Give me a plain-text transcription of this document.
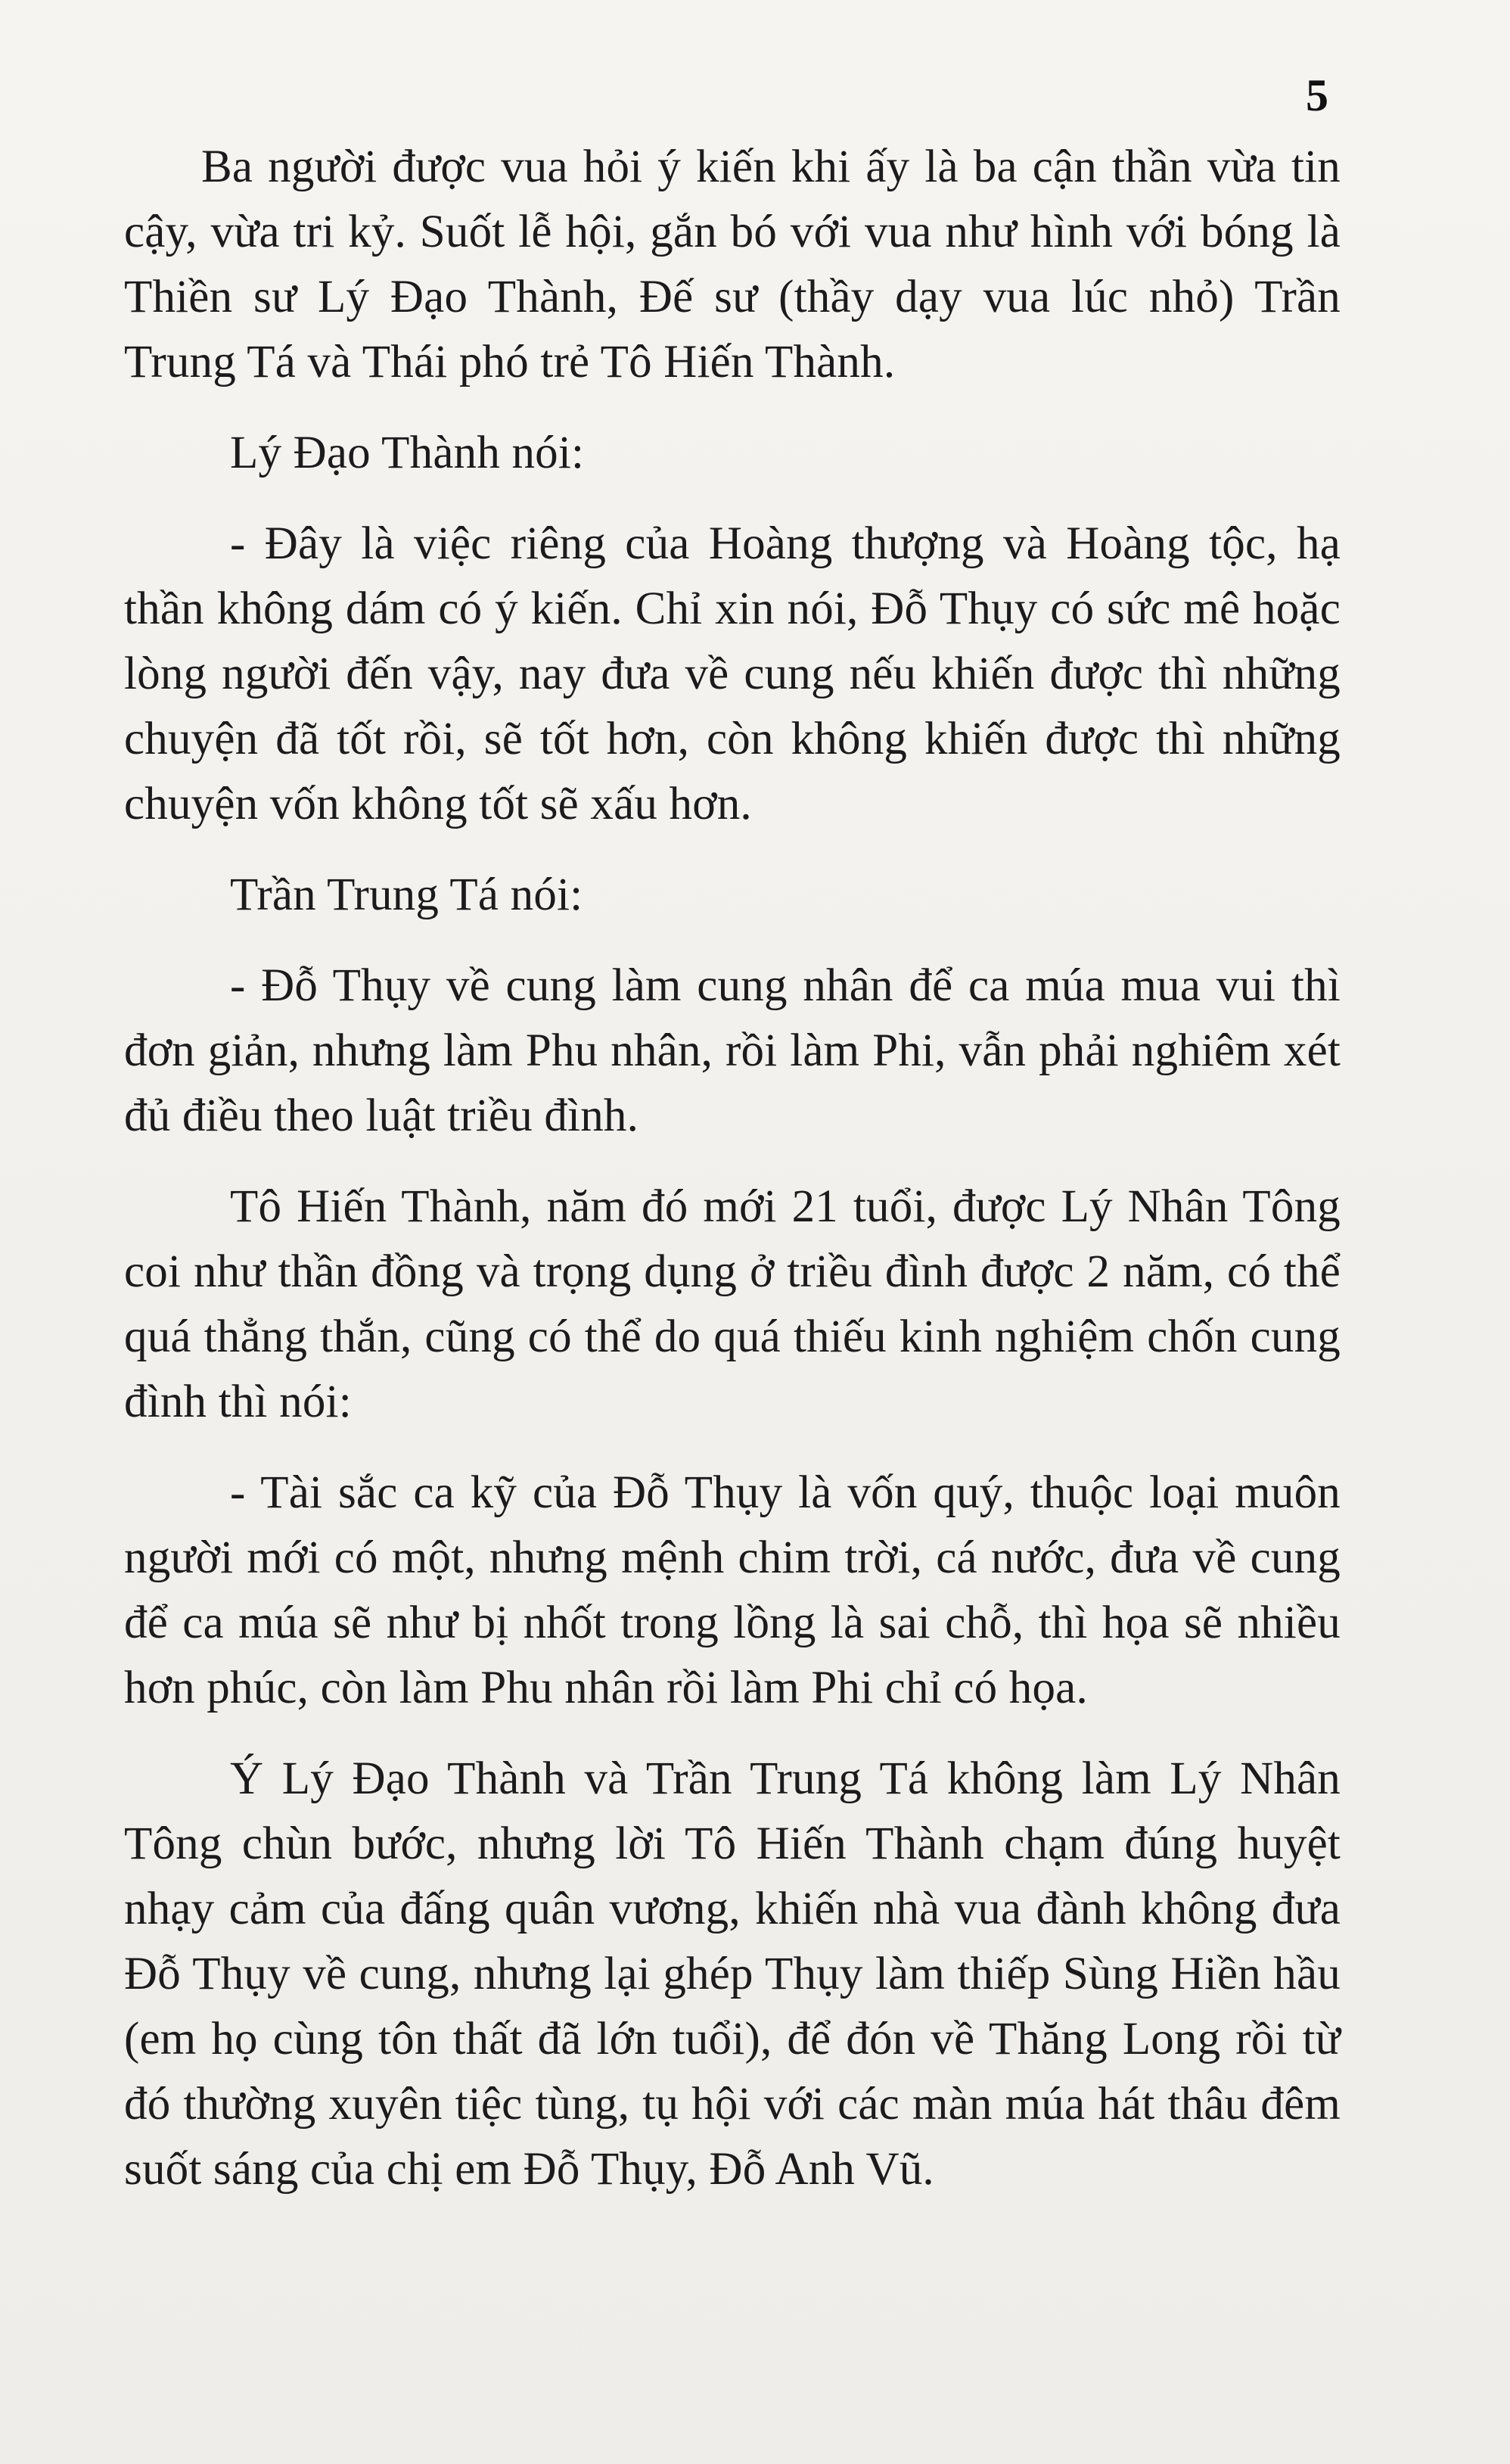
5

Ba người được vua hỏi ý kiến khi ấy là ba cận thần vừa tin cậy, vừa tri kỷ. Suốt lễ hội, gắn bó với vua như hình với bóng là Thiền sư Lý Đạo Thành, Đế sư (thầy dạy vua lúc nhỏ) Trần Trung Tá và Thái phó trẻ Tô Hiến Thành.

Lý Đạo Thành nói:

- Đây là việc riêng của Hoàng thượng và Hoàng tộc, hạ thần không dám có ý kiến. Chỉ xin nói, Đỗ Thụy có sức mê hoặc lòng người đến vậy, nay đưa về cung nếu khiến được thì những chuyện đã tốt rồi, sẽ tốt hơn, còn không khiến được thì những chuyện vốn không tốt sẽ xấu hơn.

Trần Trung Tá nói:

- Đỗ Thụy về cung làm cung nhân để ca múa mua vui thì đơn giản, nhưng làm Phu nhân, rồi làm Phi, vẫn phải nghiêm xét đủ điều theo luật triều đình.

Tô Hiến Thành, năm đó mới 21 tuổi, được Lý Nhân Tông coi như thần đồng và trọng dụng ở triều đình được 2 năm, có thể quá thẳng thắn, cũng có thể do quá thiếu kinh nghiệm chốn cung đình thì nói:

- Tài sắc ca kỹ của Đỗ Thụy là vốn quý, thuộc loại muôn người mới có một, nhưng mệnh chim trời, cá nước, đưa về cung để ca múa sẽ như bị nhốt trong lồng là sai chỗ, thì họa sẽ nhiều hơn phúc, còn làm Phu nhân rồi làm Phi chỉ có họa.

Ý Lý Đạo Thành và Trần Trung Tá không làm Lý Nhân Tông chùn bước, nhưng lời Tô Hiến Thành chạm đúng huyệt nhạy cảm của đấng quân vương, khiến nhà vua đành không đưa Đỗ Thụy về cung, nhưng lại ghép Thụy làm thiếp Sùng Hiền hầu (em họ cùng tôn thất đã lớn tuổi), để đón về Thăng Long rồi từ đó thường xuyên tiệc tùng, tụ hội với các màn múa hát thâu đêm suốt sáng của chị em Đỗ Thụy, Đỗ Anh Vũ.
